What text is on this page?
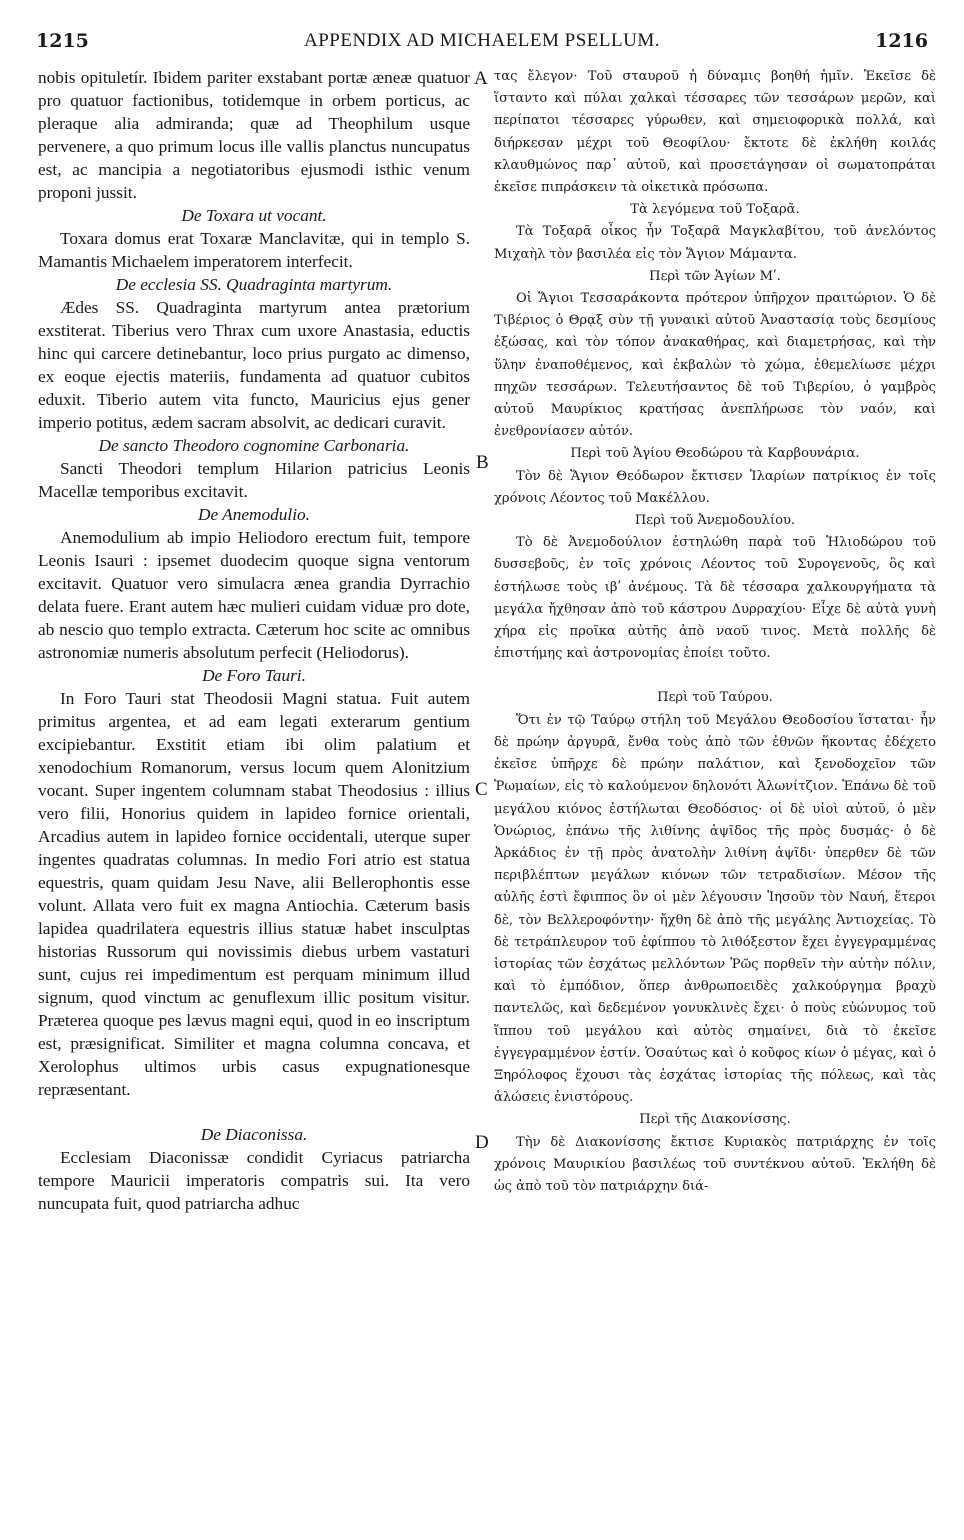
1215	APPENDIX AD MICHAELEM PSELLUM.	1216
A
B
C
D

nobis opituletír. Ibidem pariter exstabant portæ æneæ quatuor pro quatuor factionibus, totidemque in orbem porticus, ac pleraque alia admiranda; quæ ad Theophilum usque pervenere, a quo primum locus ille vallis planctus nuncupatus est, ac mancipia a negotiatoribus ejusmodi isthic venum proponi jussit.

De Toxara ut vocant.

Toxara domus erat Toxaræ Manclavitæ, qui in templo S. Mamantis Michaelem imperatorem interfecit.

De ecclesia SS. Quadraginta martyrum.

Ædes SS. Quadraginta martyrum antea prætorium exstiterat. Tiberius vero Thrax cum uxore Anastasia, eductis hinc qui carcere detinebantur, loco prius purgato ac dimenso, ex eoque ejectis materiis, fundamenta ad quatuor cubitos eduxit. Tiberio autem vita functo, Mauricius ejus gener imperio potitus, ædem sacram absolvit, ac dedicari curavit.

De sancto Theodoro cognomine Carbonaria.

Sancti Theodori templum Hilarion patricius Leonis Macellæ temporibus excitavit.

De Anemodulio.

Anemodulium ab impio Heliodoro erectum fuit, tempore Leonis Isauri : ipsemet duodecim quoque signa ventorum excitavit. Quatuor vero simulacra ænea grandia Dyrrachio delata fuere. Erant autem hæc mulieri cuidam viduæ pro dote, ab nescio quo templo extracta. Cæterum hoc scite ac omnibus astronomiæ numeris absolutum perfecit (Heliodorus).

De Foro Tauri.

In Foro Tauri stat Theodosii Magni statua. Fuit autem primitus argentea, et ad eam legati exterarum gentium excipiebantur. Exstitit etiam ibi olim palatium et xenodochium Romanorum, versus locum quem Alonitzium vocant. Super ingentem columnam stabat Theodosius : illius vero filii, Honorius quidem in lapideo fornice orientali, Arcadius autem in lapideo fornice occidentali, uterque super ingentes quadratas columnas. In medio Fori atrio est statua equestris, quam quidam Jesu Nave, alii Bellerophontis esse volunt. Allata vero fuit ex magna Antiochia. Cæterum basis lapidea quadrilatera equestris illius statuæ habet insculptas historias Russorum qui novissimis diebus urbem vastaturi sunt, cujus rei impedimentum est perquam minimum illud signum, quod vinctum ac genuflexum illic positum visitur. Præterea quoque pes lævus magni equi, quod in eo inscriptum est, præsignificat. Similiter et magna columna concava, et Xerolophus ultimos urbis casus expugnationesque repræsentant.

De Diaconissa.

Ecclesiam Diaconissæ condidit Cyriacus patriarcha tempore Mauricii imperatoris compatris sui. Ita vero nuncupata fuit, quod patriarcha adhuc

τας ἔλεγον· Τοῦ σταυροῦ ἡ δύναμις βοηθή ἡμῖν. Ἐκεῖσε δὲ ἵσταντο καὶ πύλαι χαλκαὶ τέσσαρες τῶν τεσσάρων μερῶν, καὶ περίπατοι τέσσαρες γύρωθεν, καὶ σημειοφορικὰ πολλά, καὶ διήρκεσαν μέχρι τοῦ Θεοφίλου· ἔκτοτε δὲ ἐκλήθη κοιλάς κλαυθμώνος παρ᾽ αὐτοῦ, καὶ προσετάγησαν οἱ σωματοπράται ἐκεῖσε πιπράσκειν τὰ οἰκετικὰ πρόσωπα.

Τὰ λεγόμενα τοῦ Τοξαρᾶ.

Τὰ Τοξαρᾶ οἶκος ἦν Τοξαρᾶ Μαγκλαβίτου, τοῦ ἀνελόντος Μιχαὴλ τὸν βασιλέα εἰς τὸν Ἅγιον Μάμαντα.

Περὶ τῶν Ἁγίων Μʹ.

Οἱ Ἅγιοι Τεσσαράκοντα πρότερον ὑπῆρχον πραιτώριον. Ὁ δὲ Τιβέριος ὁ Θρᾳξ σὺν τῇ γυναικὶ αὐτοῦ Ἀναστασίᾳ τοὺς δεσμίους ἐξώσας, καὶ τὸν τόπον ἀνακαθήρας, καὶ διαμετρήσας, καὶ τὴν ὕλην ἐναποθέμενος, καὶ ἐκβαλὼν τὸ χώμα, ἐθεμελίωσε μέχρι πηχῶν τεσσάρων. Τελευτήσαντος δὲ τοῦ Τιβερίου, ὁ γαμβρὸς αὐτοῦ Μαυρίκιος κρατήσας ἀνεπλήρωσε τὸν ναόν, καὶ ἐνεθρονίασεν αὐτόν.

Περὶ τοῦ Ἁγίου Θεοδώρου τὰ Καρβουνάρια.

Τὸν δὲ Ἅγιον Θεόδωρον ἔκτισεν Ἱλαρίων πατρίκιος ἐν τοῖς χρόνοις Λέοντος τοῦ Μακέλλου.

Περὶ τοῦ Ἀνεμοδουλίου.

Τὸ δὲ Ἀνεμοδούλιον ἐστηλώθη παρὰ τοῦ Ἡλιοδώρου τοῦ δυσσεβοῦς, ἐν τοῖς χρόνοις Λέοντος τοῦ Συρογενοῦς, ὃς καὶ ἐστήλωσε τοὺς ιβʹ ἀνέμους. Τὰ δὲ τέσσαρα χαλκουργήματα τὰ μεγάλα ἤχθησαν ἀπὸ τοῦ κάστρου Δυρραχίου· Εἶχε δὲ αὐτὰ γυνὴ χήρα εἰς προῖκα αὐτῆς ἀπὸ ναοῦ τινος. Μετὰ πολλῆς δὲ ἐπιστήμης καὶ ἀστρονομίας ἐποίει τοῦτο.

Περὶ τοῦ Ταύρου.

Ὅτι ἐν τῷ Ταύρῳ στήλη τοῦ Μεγάλου Θεοδοσίου ἵσταται· ἦν δὲ πρώην ἀργυρᾶ, ἔνθα τοὺς ἀπὸ τῶν ἐθνῶν ἥκοντας ἐδέχετο ἐκεῖσε ὑπῆρχε δὲ πρώην παλάτιον, καὶ ξενοδοχεῖον τῶν Ῥωμαίων, εἰς τὸ καλούμενον δηλονότι Ἀλωνίτζιον. Ἐπάνω δὲ τοῦ μεγάλου κιόνος ἐστήλωται Θεοδόσιος· οἱ δὲ υἱοὶ αὐτοῦ, ὁ μὲν Ὁνώριος, ἐπάνω τῆς λιθίνης ἁψῖδος τῆς πρὸς δυσμάς· ὁ δὲ Ἀρκάδιος ἐν τῇ πρὸς ἀνατολὴν λιθίνη ἁψῖδι· ὑπερθεν δὲ τῶν περιβλέπτων μεγάλων κιόνων τῶν τετραδισίων. Μέσον τῆς αὐλῆς ἐστὶ ἔφιππος ὃν οἱ μὲν λέγουσιν Ἰησοῦν τὸν Ναυή, ἕτεροι δὲ, τὸν Βελλεροφόντην· ἤχθη δὲ ἀπὸ τῆς μεγάλης Ἀντιοχείας. Τὸ δὲ τετράπλευρον τοῦ ἐφίππου τὸ λιθόξεστον ἔχει ἐγγεγραμμένας ἱστορίας τῶν ἐσχάτως μελλόντων Ῥῶς πορθεῖν τὴν αὐτὴν πόλιν, καὶ τὸ ἐμπόδιον, ὅπερ ἀνθρωποειδὲς χαλκούργημα βραχὺ παντελῶς, καὶ δεδεμένον γονυκλινὲς ἔχει· ὁ ποὺς εὐώνυμος τοῦ ἵππου τοῦ μεγάλου καὶ αὐτὸς σημαίνει, διὰ τὸ ἐκεῖσε ἐγγεγραμμένον ἐστίν. Ὁσαύτως καὶ ὁ κοῦφος κίων ὁ μέγας, καὶ ὁ Ξηρόλοφος ἔχουσι τὰς ἐσχάτας ἱστορίας τῆς πόλεως, καὶ τὰς ἁλώσεις ἐνιστόρους.

Περὶ τῆς Διακονίσσης.

Τὴν δὲ Διακονίσσης ἔκτισε Κυριακὸς πατριάρχης ἐν τοῖς χρόνοις Μαυρικίου βασιλέως τοῦ συντέκνου αὐτοῦ. Ἐκλήθη δὲ ὡς ἀπὸ τοῦ τὸν πατριάρχην διά-
